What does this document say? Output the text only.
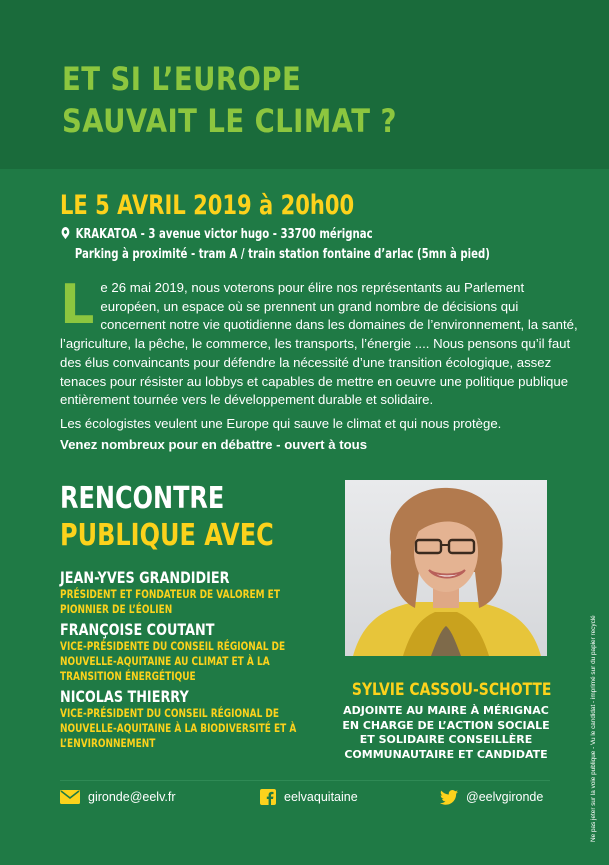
ET SI L’EUROPE
SAUVAIT LE CLIMAT ?
LE 5 AVRIL 2019 à 20h00
KRAKATOA - 3 avenue victor hugo - 33700 mérignac
Parking à proximité - tram A / train station fontaine d’arlac (5mn à pied)

L e 26 mai 2019, nous voterons pour élire nos représentants au Parlement européen, un espace où se prennent un grand nombre de décisions qui concernent notre vie quotidienne dans les domaines de l’environnement, la santé, l’agriculture, la pêche, le commerce, les transports, l’énergie .... Nous pensons qu’il faut des élus convaincants pour défendre la nécessité d’une transition écologique, assez tenaces pour résister au lobbys et capables de mettre en oeuvre une politique publique entièrement tournée vers le développement durable et solidaire.

Les écologistes veulent une Europe qui sauve le climat et qui nous protège.

Venez nombreux pour en débattre - ouvert à tous

RENCONTRE
PUBLIQUE AVEC
JEAN-YVES GRANDIDIER
PRÉSIDENT ET FONDATEUR DE VALOREM ET PIONNIER DE L’ÉOLIEN
FRANÇOISE COUTANT
VICE-PRÉSIDENTE DU CONSEIL RÉGIONAL DE NOUVELLE-AQUITAINE AU CLIMAT ET À LA TRANSITION ÉNERGÉTIQUE
NICOLAS THIERRY
VICE-PRÉSIDENT DU CONSEIL RÉGIONAL DE NOUVELLE-AQUITAINE À LA BIODIVERSITÉ ET À L’ENVIRONNEMENT
SYLVIE CASSOU-SCHOTTE
ADJOINTE AU MAIRE À MÉRIGNAC EN CHARGE DE L’ACTION SOCIALE ET SOLIDAIRE CONSEILLÈRE COMMUNAUTAIRE ET CANDIDATE
gironde@eelv.fr	eelvaquitaine	@eelvgironde	Ne pas jeter sur la voie publique - Vu le candidat - imprimé sur du papier recyclé
